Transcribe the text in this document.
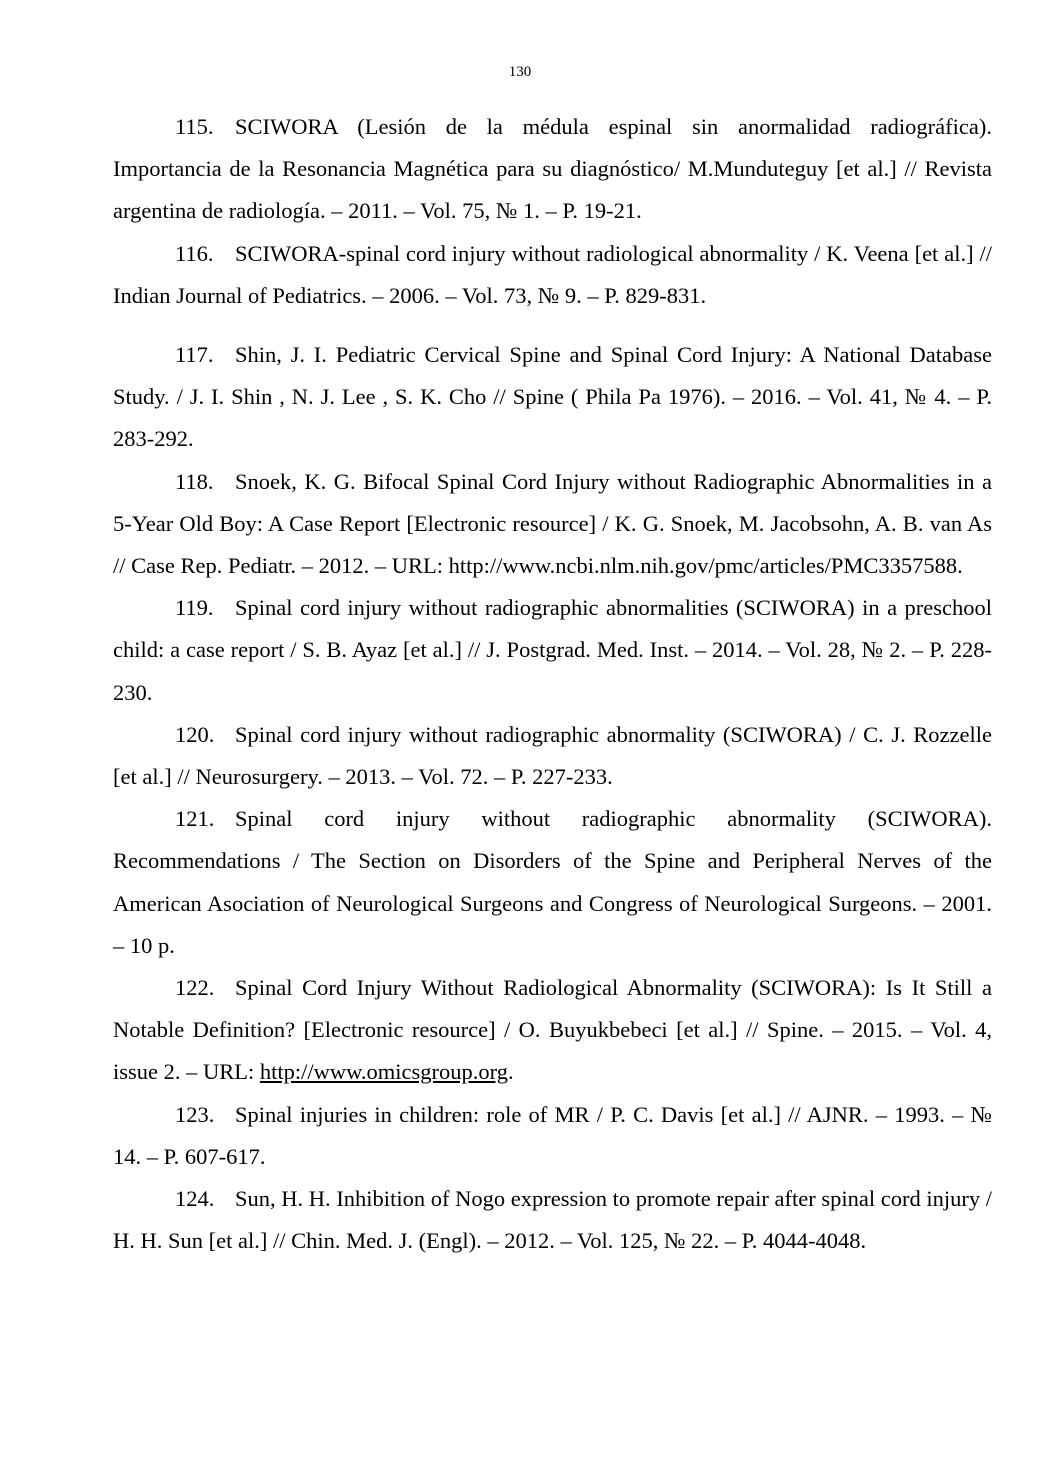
130

115. SCIWORA (Lesión de la médula espinal sin anormalidad radiográfica). Importancia de la Resonancia Magnética para su diagnóstico/ M.Munduteguy [et al.] // Revista argentina de radiología. – 2011. – Vol. 75, № 1. – P. 19-21.

116. SCIWORA-spinal cord injury without radiological abnormality / K. Veena [et al.] // Indian Journal of Pediatrics. – 2006. – Vol. 73, № 9. – P. 829-831.

117. Shin, J. I. Pediatric Cervical Spine and Spinal Cord Injury: A National Database Study. / J. I. Shin , N. J. Lee , S. K. Cho // Spine ( Phila Pa 1976). – 2016. – Vol. 41, № 4. – P. 283-292.

118. Snoek, K. G. Bifocal Spinal Cord Injury without Radiographic Abnormalities in a 5-Year Old Boy: A Case Report [Electronic resource] / K. G. Snoek, M. Jacobsohn, A. B. van As // Case Rep. Pediatr. – 2012. – URL: http://www.ncbi.nlm.nih.gov/pmc/articles/PMC3357588.

119. Spinal cord injury without radiographic abnormalities (SCIWORA) in a preschool child: a case report / S. B. Ayaz [et al.] // J. Postgrad. Med. Inst. – 2014. – Vol. 28, № 2. – P. 228-230.

120. Spinal cord injury without radiographic abnormality (SCIWORA) / C. J. Rozzelle [et al.] // Neurosurgery. – 2013. – Vol. 72. – P. 227-233.

121. Spinal cord injury without radiographic abnormality (SCIWORA). Recommendations / The Section on Disorders of the Spine and Peripheral Nerves of the American Asociation of Neurological Surgeons and Congress of Neurological Surgeons. – 2001. – 10 p.

122. Spinal Cord Injury Without Radiological Abnormality (SCIWORA): Is It Still a Notable Definition? [Electronic resource] / O. Buyukbebeci [et al.] // Spine. – 2015. – Vol. 4, issue 2. – URL: http://www.omicsgroup.org.

123. Spinal injuries in children: role of MR / P. C. Davis [et al.] // AJNR. – 1993. – № 14. – P. 607-617.

124. Sun, H. H. Inhibition of Nogo expression to promote repair after spinal cord injury / H. H. Sun [et al.] // Chin. Med. J. (Engl). – 2012. – Vol. 125, № 22. – P. 4044-4048.
